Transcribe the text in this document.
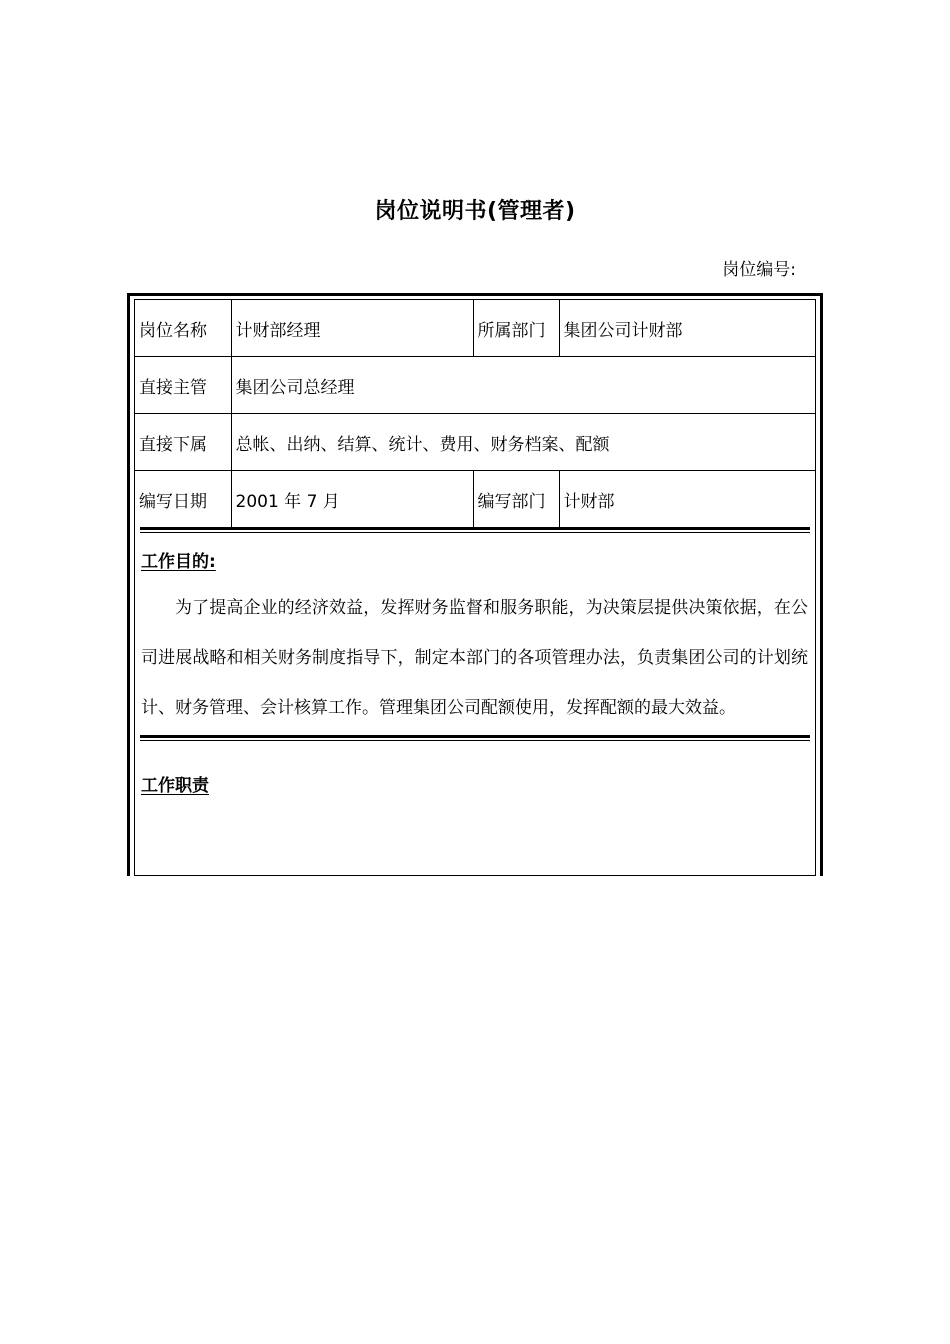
岗位说明书(管理者)
岗位编号:
岗位名称	计财部经理	所属部门	集团公司计财部
直接主管	集团公司总经理		
直接下属	总帐、出纳、结算、统计、费用、财务档案、配额		
编写日期	2001 年 7 月	编写部门	计财部
工作目的:

为了提高企业的经济效益，发挥财务监督和服务职能，为决策层提供决策依据，在公司进展战略和相关财务制度指导下，制定本部门的各项管理办法，负责集团公司的计划统计、财务管理、会计核算工作。管理集团公司配额使用，发挥配额的最大效益。

工作职责
